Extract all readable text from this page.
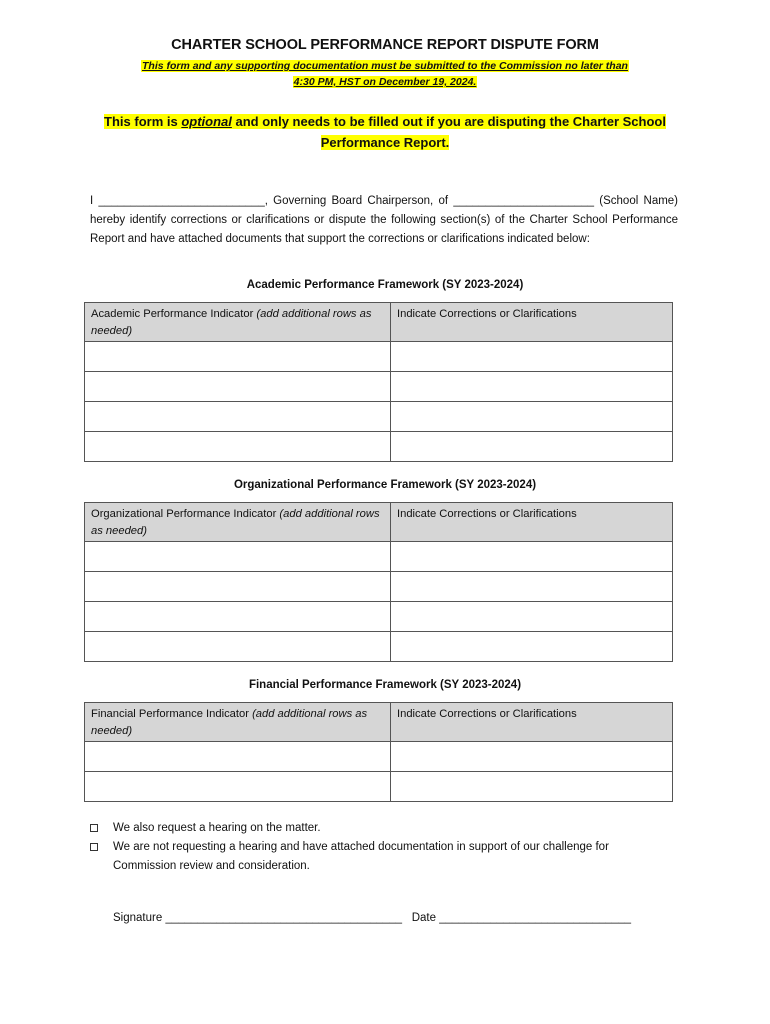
CHARTER SCHOOL PERFORMANCE REPORT DISPUTE FORM
This form and any supporting documentation must be submitted to the Commission no later than
4:30 PM, HST on December 19, 2024.
This form is optional and only needs to be filled out if you are disputing the Charter School
Performance Report.
I __________________________, Governing Board Chairperson, of ______________________ (School Name) hereby identify corrections or clarifications or dispute the following section(s) of the Charter School Performance Report and have attached documents that support the corrections or clarifications indicated below:
Academic Performance Framework (SY 2023-2024)
Academic Performance Indicator (add additional rows as needed)	Indicate Corrections or Clarifications

Organizational Performance Framework (SY 2023-2024)
Organizational Performance Indicator (add additional rows as needed)	Indicate Corrections or Clarifications

Financial Performance Framework (SY 2023-2024)
Financial Performance Indicator (add additional rows as needed)	Indicate Corrections or Clarifications

We also request a hearing on the matter.
We are not requesting a hearing and have attached documentation in support of our challenge for Commission review and consideration.
Signature _____________________________________ Date ______________________________
